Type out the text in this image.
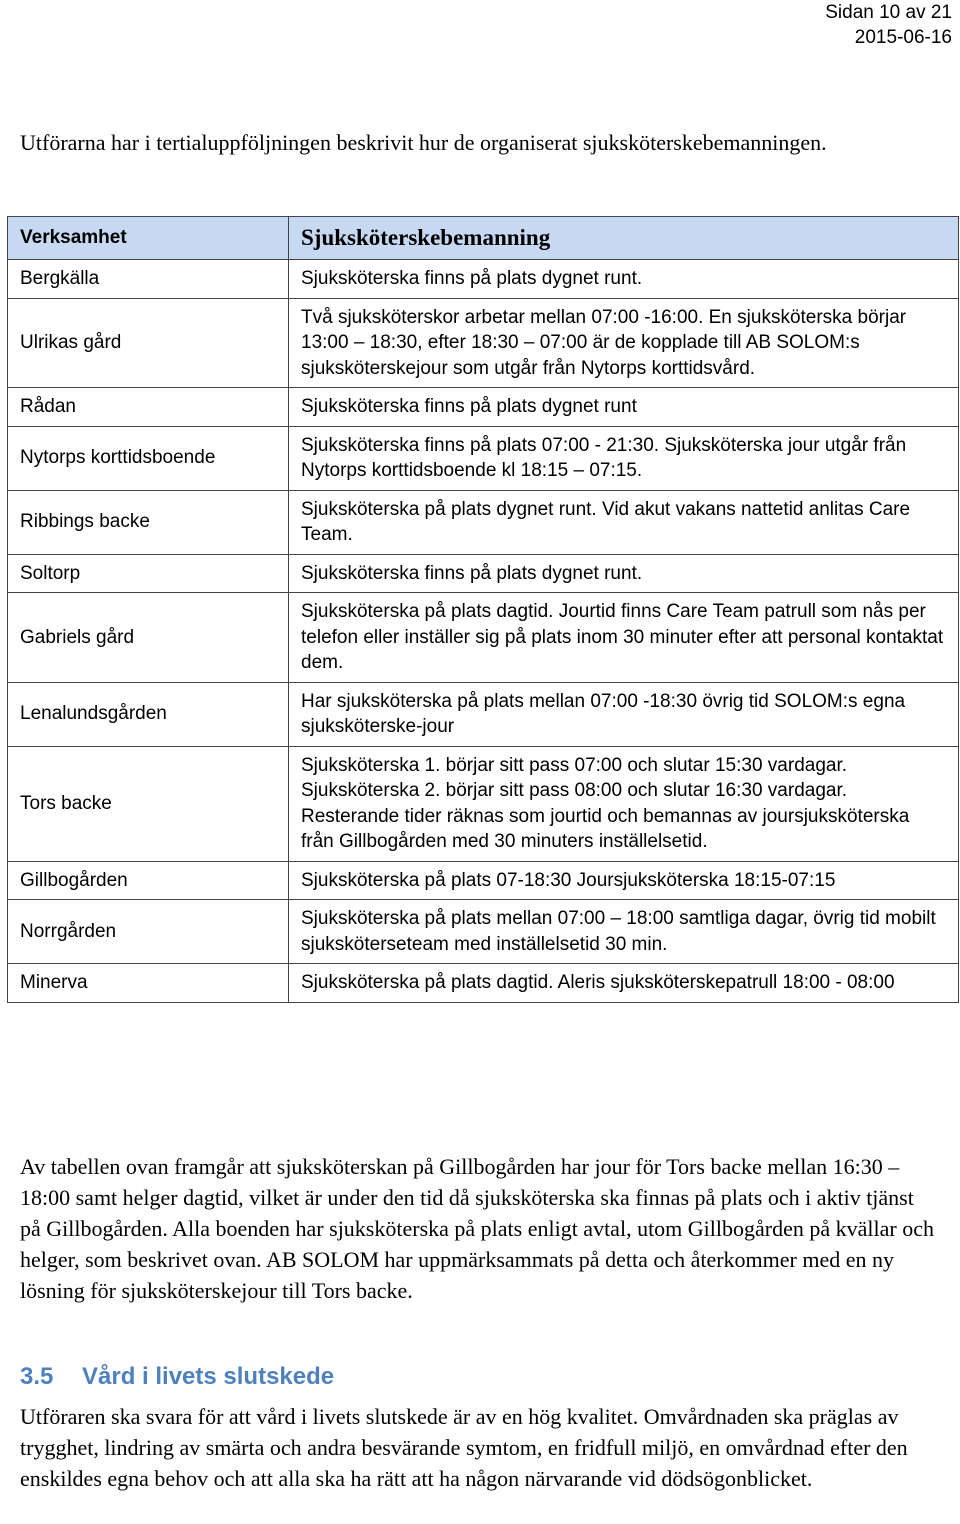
Sidan 10 av 21
2015-06-16
Utförarna har i tertialuppföljningen beskrivit hur de organiserat sjuksköterskebemanningen.
Verksamhet	Sjuksköterskebemanning
Bergkälla	Sjuksköterska finns på plats dygnet runt.
Ulrikas gård	Två sjuksköterskor arbetar mellan 07:00 -16:00. En sjuksköterska börjar 13:00 – 18:30, efter 18:30 – 07:00 är de kopplade till AB SOLOM:s sjuksköterskejour som utgår från Nytorps korttidsvård.
Rådan	Sjuksköterska finns på plats dygnet runt
Nytorps korttidsboende	Sjuksköterska finns på plats 07:00 - 21:30. Sjuksköterska jour utgår från Nytorps korttidsboende kl 18:15 – 07:15.
Ribbings backe	Sjuksköterska på plats dygnet runt. Vid akut vakans nattetid anlitas Care Team.
Soltorp	Sjuksköterska finns på plats dygnet runt.
Gabriels gård	Sjuksköterska på plats dagtid. Jourtid finns Care Team patrull som nås per telefon eller inställer sig på plats inom 30 minuter efter att personal kontaktat dem.
Lenalundsgården	Har sjuksköterska på plats mellan 07:00 -18:30 övrig tid SOLOM:s egna sjuksköterske-jour
Tors backe	Sjuksköterska 1. börjar sitt pass 07:00 och slutar 15:30 vardagar.
Sjuksköterska 2. börjar sitt pass 08:00 och slutar 16:30 vardagar.
Resterande tider räknas som jourtid och bemannas av joursjuksköterska från Gillbogården med 30 minuters inställelsetid.

Gillbogården	Sjuksköterska på plats 07-18:30 Joursjuksköterska 18:15-07:15
Norrgården	Sjuksköterska på plats mellan 07:00 – 18:00 samtliga dagar, övrig tid mobilt sjuksköterseteam med inställelsetid 30 min.
Minerva	Sjuksköterska på plats dagtid. Aleris sjuksköterskepatrull 18:00 - 08:00
Av tabellen ovan framgår att sjuksköterskan på Gillbogården har jour för Tors backe mellan 16:30 – 18:00 samt helger dagtid, vilket är under den tid då sjuksköterska ska finnas på plats och i aktiv tjänst på Gillbogården. Alla boenden har sjuksköterska på plats enligt avtal, utom Gillbogården på kvällar och helger, som beskrivet ovan. AB SOLOM har uppmärksammats på detta och återkommer med en ny lösning för sjuksköterskejour till Tors backe.
3.5 Vård i livets slutskede
Utföraren ska svara för att vård i livets slutskede är av en hög kvalitet. Omvårdnaden ska präglas av trygghet, lindring av smärta och andra besvärande symtom, en fridfull miljö, en omvårdnad efter den enskildes egna behov och att alla ska ha rätt att ha någon närvarande vid dödsögonblicket.
